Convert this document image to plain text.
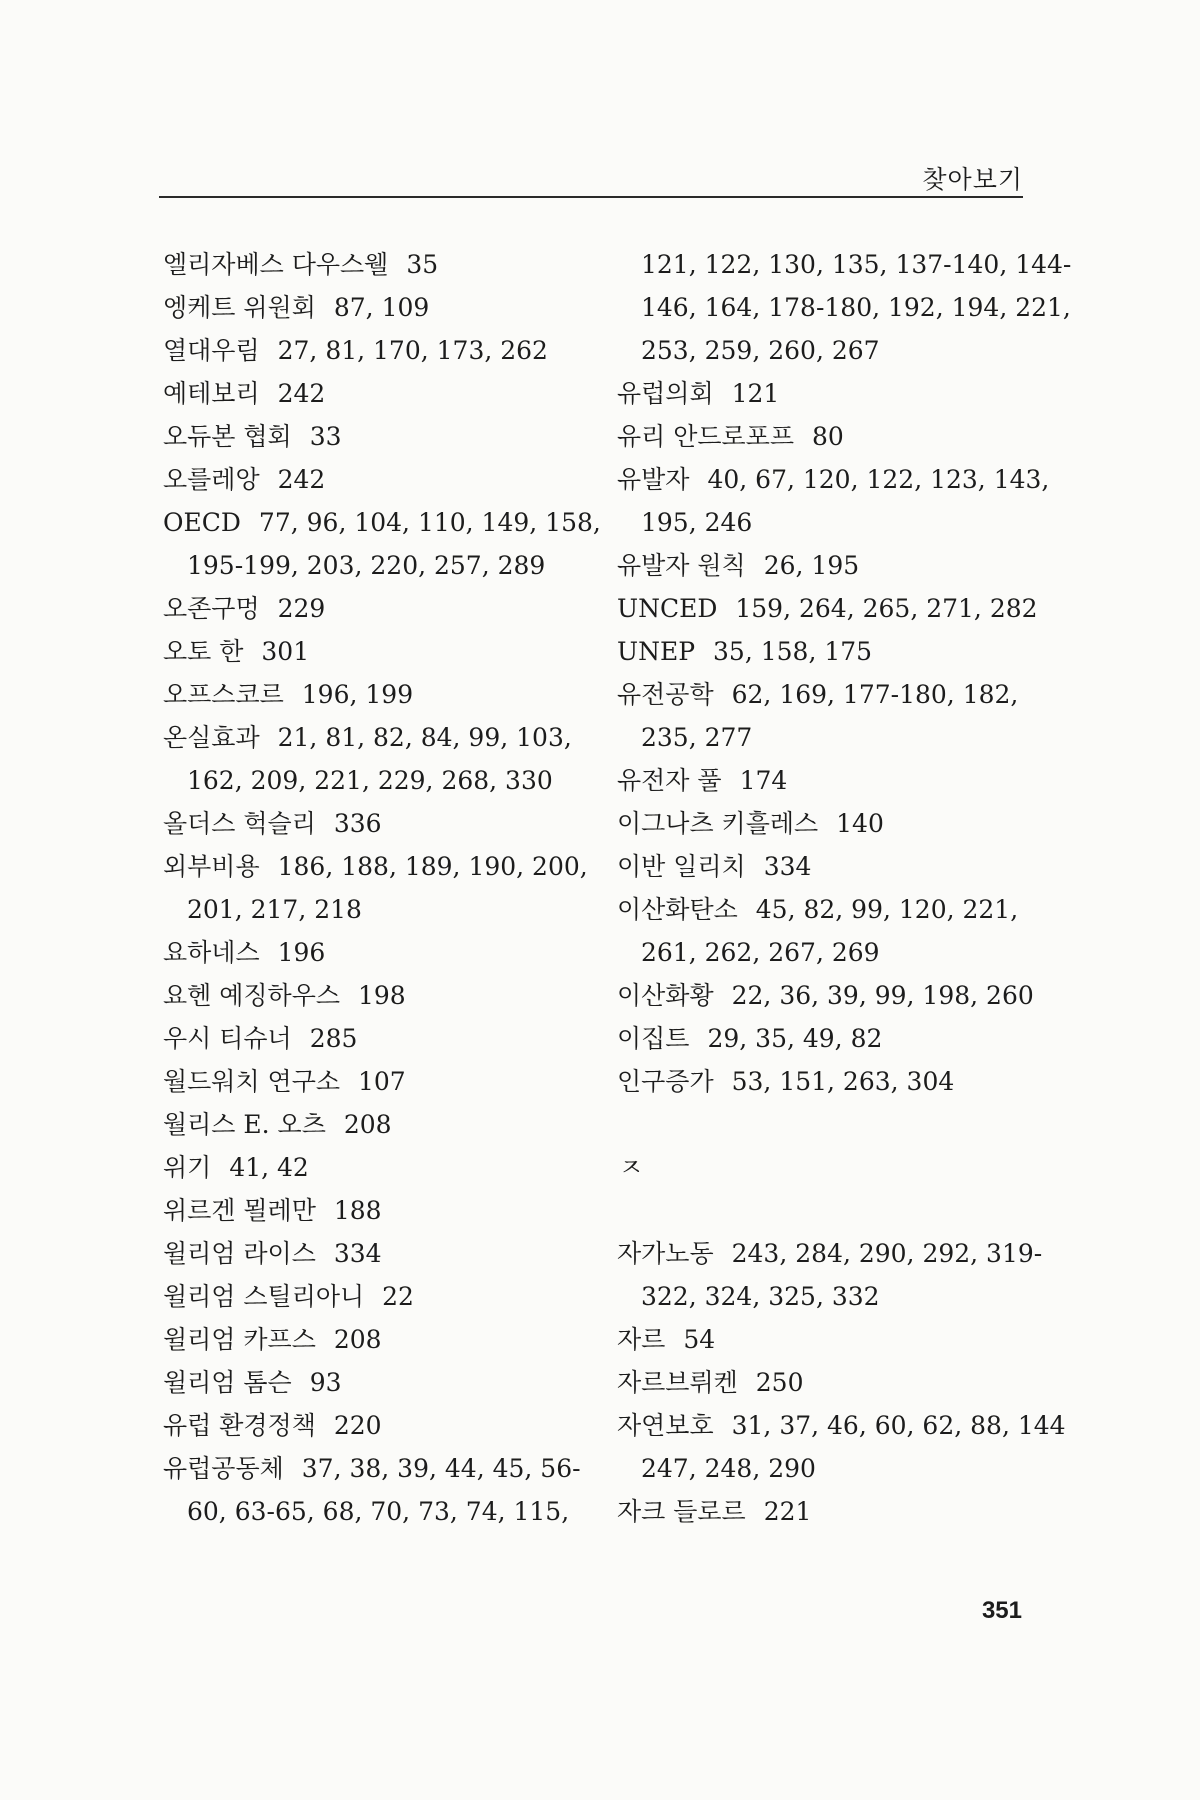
찾아보기
엘리자베스 다우스웰 35
엥케트 위원회 87, 109
열대우림 27, 81, 170, 173, 262
예테보리 242
오듀본 협회 33
오를레앙 242
OECD 77, 96, 104, 110, 149, 158,
195-199, 203, 220, 257, 289
오존구멍 229
오토 한 301
오프스코르 196, 199
온실효과 21, 81, 82, 84, 99, 103,
162, 209, 221, 229, 268, 330
올더스 헉슬리 336
외부비용 186, 188, 189, 190, 200,
201, 217, 218
요하네스 196
요헨 예징하우스 198
우시 티슈너 285
월드워치 연구소 107
월리스 E. 오츠 208
위기 41, 42
위르겐 묄레만 188
윌리엄 라이스 334
윌리엄 스틸리아니 22
윌리엄 카프스 208
윌리엄 톰슨 93
유럽 환경정책 220
유럽공동체 37, 38, 39, 44, 45, 56-
60, 63-65, 68, 70, 73, 74, 115,
121, 122, 130, 135, 137-140, 144-
146, 164, 178-180, 192, 194, 221,
253, 259, 260, 267
유럽의회 121
유리 안드로포프 80
유발자 40, 67, 120, 122, 123, 143,
195, 246
유발자 원칙 26, 195
UNCED 159, 264, 265, 271, 282
UNEP 35, 158, 175
유전공학 62, 169, 177-180, 182,
235, 277
유전자 풀 174
이그나츠 키흘레스 140
이반 일리치 334
이산화탄소 45, 82, 99, 120, 221,
261, 262, 267, 269
이산화황 22, 36, 39, 99, 198, 260
이집트 29, 35, 49, 82
인구증가 53, 151, 263, 304
ㅈ
자가노동 243, 284, 290, 292, 319-
322, 324, 325, 332
자르 54
자르브뤼켄 250
자연보호 31, 37, 46, 60, 62, 88, 144
247, 248, 290
자크 들로르 221
351
